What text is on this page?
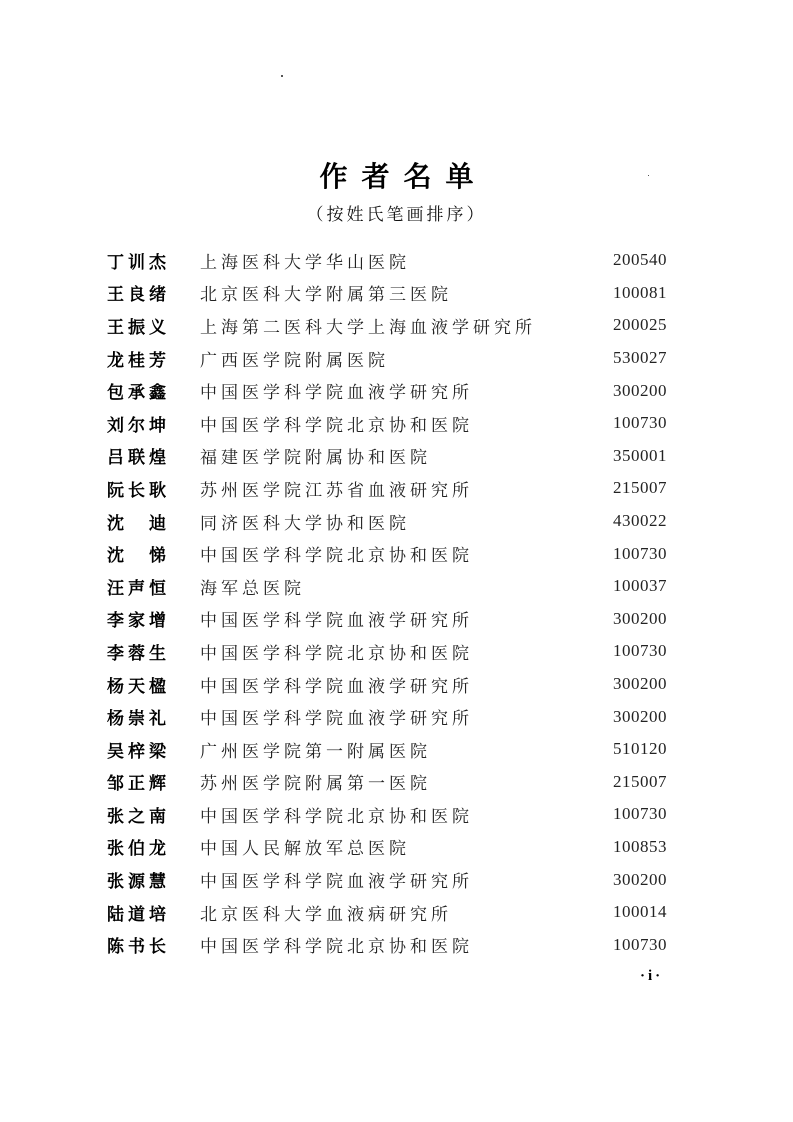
作者名单
（按姓氏笔画排序）
丁训杰	上海医科大学华山医院	200540
王良绪	北京医科大学附属第三医院	100081
王振义	上海第二医科大学上海血液学研究所	200025
龙桂芳	广西医学院附属医院	530027
包承鑫	中国医学科学院血液学研究所	300200
刘尔坤	中国医学科学院北京协和医院	100730
吕联煌	福建医学院附属协和医院	350001
阮长耿	苏州医学院江苏省血液研究所	215007
沈　迪	同济医科大学协和医院	430022
沈　悌	中国医学科学院北京协和医院	100730
汪声恒	海军总医院	100037
李家增	中国医学科学院血液学研究所	300200
李蓉生	中国医学科学院北京协和医院	100730
杨天楹	中国医学科学院血液学研究所	300200
杨崇礼	中国医学科学院血液学研究所	300200
吴梓梁	广州医学院第一附属医院	510120
邹正辉	苏州医学院附属第一医院	215007
张之南	中国医学科学院北京协和医院	100730
张伯龙	中国人民解放军总医院	100853
张源慧	中国医学科学院血液学研究所	300200
陆道培	北京医科大学血液病研究所	100014
陈书长	中国医学科学院北京协和医院	100730
·i·
